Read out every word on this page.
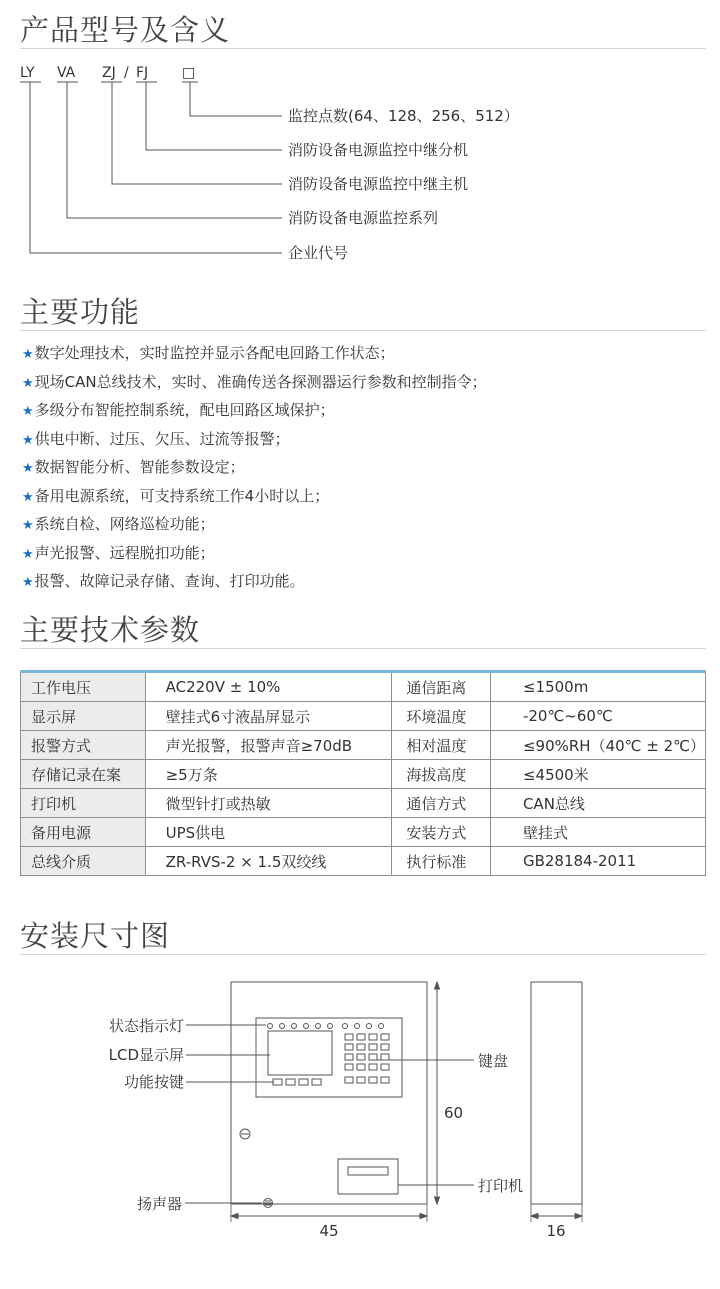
产品型号及含义
LY VA ZJ / FJ □
监控点数(64、128、256、512）
消防设备电源监控中继分机
消防设备电源监控中继主机
消防设备电源监控系列
企业代号
主要功能
★数字处理技术，实时监控并显示各配电回路工作状态；
★现场CAN总线技术，实时、准确传送各探测器运行参数和控制指令；
★多级分布智能控制系统，配电回路区域保护；
★供电中断、过压、欠压、过流等报警；
★数据智能分析、智能参数设定；
★备用电源系统，可支持系统工作4小时以上；
★系统自检、网络巡检功能；
★声光报警、远程脱扣功能；
★报警、故障记录存储、查询、打印功能。
主要技术参数
工作电压	AC220V ± 10%	通信距离	≤1500m
显示屏	壁挂式6寸液晶屏显示	环境温度	-20℃~60℃
报警方式	声光报警，报警声音≥70dB	相对温度	≤90%RH（40℃ ± 2℃）
存储记录在案	≥5万条	海拔高度	≤4500米
打印机	微型针打或热敏	通信方式	CAN总线
备用电源	UPS供电	安装方式	壁挂式
总线介质	ZR-RVS-2 × 1.5双绞线	执行标准	GB28184-2011
安装尺寸图
状态指示灯
LCD显示屏
功能按键
键盘
打印机
扬声器
60
45	16
